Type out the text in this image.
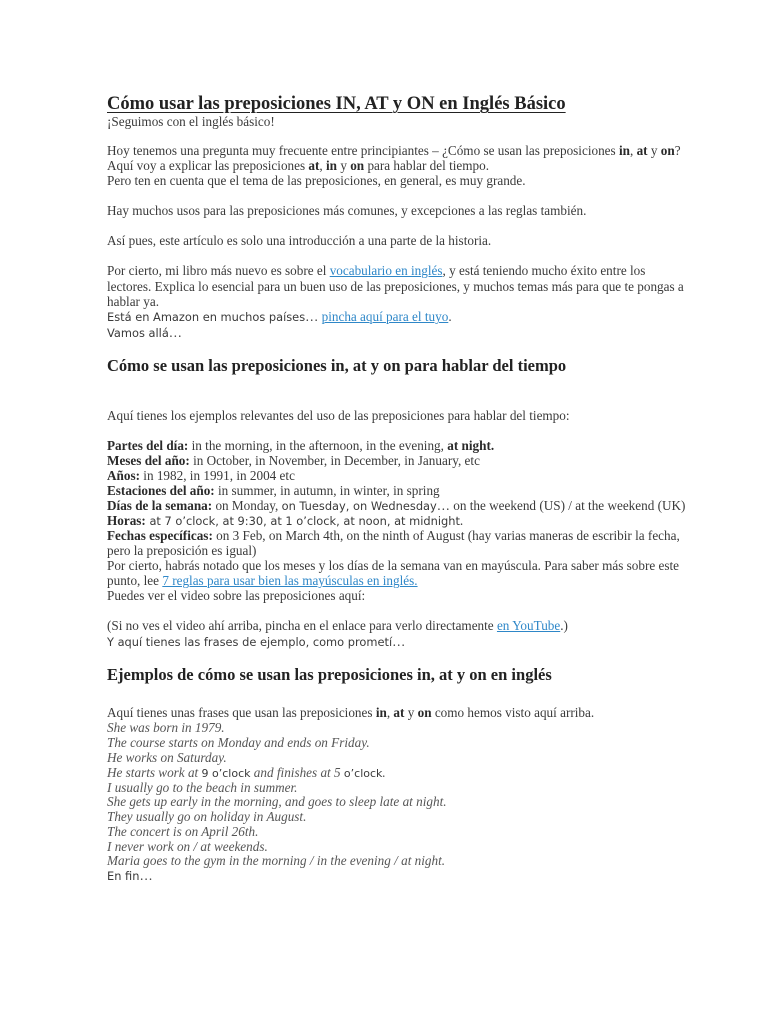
Cómo usar las preposiciones IN, AT y ON en Inglés Básico
¡Seguimos con el inglés básico!
Hoy tenemos una pregunta muy frecuente entre principiantes – ¿Cómo se usan las preposiciones in, at y on?
Aquí voy a explicar las preposiciones at, in y on para hablar del tiempo.
Pero ten en cuenta que el tema de las preposiciones, en general, es muy grande.
Hay muchos usos para las preposiciones más comunes, y excepciones a las reglas también.
Así pues, este artículo es solo una introducción a una parte de la historia.
Por cierto, mi libro más nuevo es sobre el vocabulario en inglés, y está teniendo mucho éxito entre los
lectores. Explica lo esencial para un buen uso de las preposiciones, y muchos temas más para que te pongas a
hablar ya.
Está en Amazon en muchos países… pincha aquí para el tuyo.
Vamos allá…
Cómo se usan las preposiciones in, at y on para hablar del tiempo
Aquí tienes los ejemplos relevantes del uso de las preposiciones para hablar del tiempo:
Partes del día: in the morning, in the afternoon, in the evening, at night.
Meses del año: in October, in November, in December, in January, etc
Años: in 1982, in 1991, in 2004 etc
Estaciones del año: in summer, in autumn, in winter, in spring
Días de la semana: on Monday, on Tuesday, on Wednesday… on the weekend (US) / at the weekend (UK)
Horas: at 7 o’clock, at 9:30, at 1 o’clock, at noon, at midnight.
Fechas específicas: on 3 Feb, on March 4th, on the ninth of August (hay varias maneras de escribir la fecha,
pero la preposición es igual)
Por cierto, habrás notado que los meses y los días de la semana van en mayúscula. Para saber más sobre este
punto, lee 7 reglas para usar bien las mayúsculas en inglés.
Puedes ver el video sobre las preposiciones aquí:
(Si no ves el video ahí arriba, pincha en el enlace para verlo directamente en YouTube.)
Y aquí tienes las frases de ejemplo, como prometí…
Ejemplos de cómo se usan las preposiciones in, at y on en inglés
Aquí tienes unas frases que usan las preposiciones in, at y on como hemos visto aquí arriba.
She was born in 1979.
The course starts on Monday and ends on Friday.
He works on Saturday.
He starts work at 9 o’clock and finishes at 5 o’clock.
I usually go to the beach in summer.
She gets up early in the morning, and goes to sleep late at night.
They usually go on holiday in August.
The concert is on April 26th.
I never work on / at weekends.
Maria goes to the gym in the morning / in the evening / at night.
En fin…
